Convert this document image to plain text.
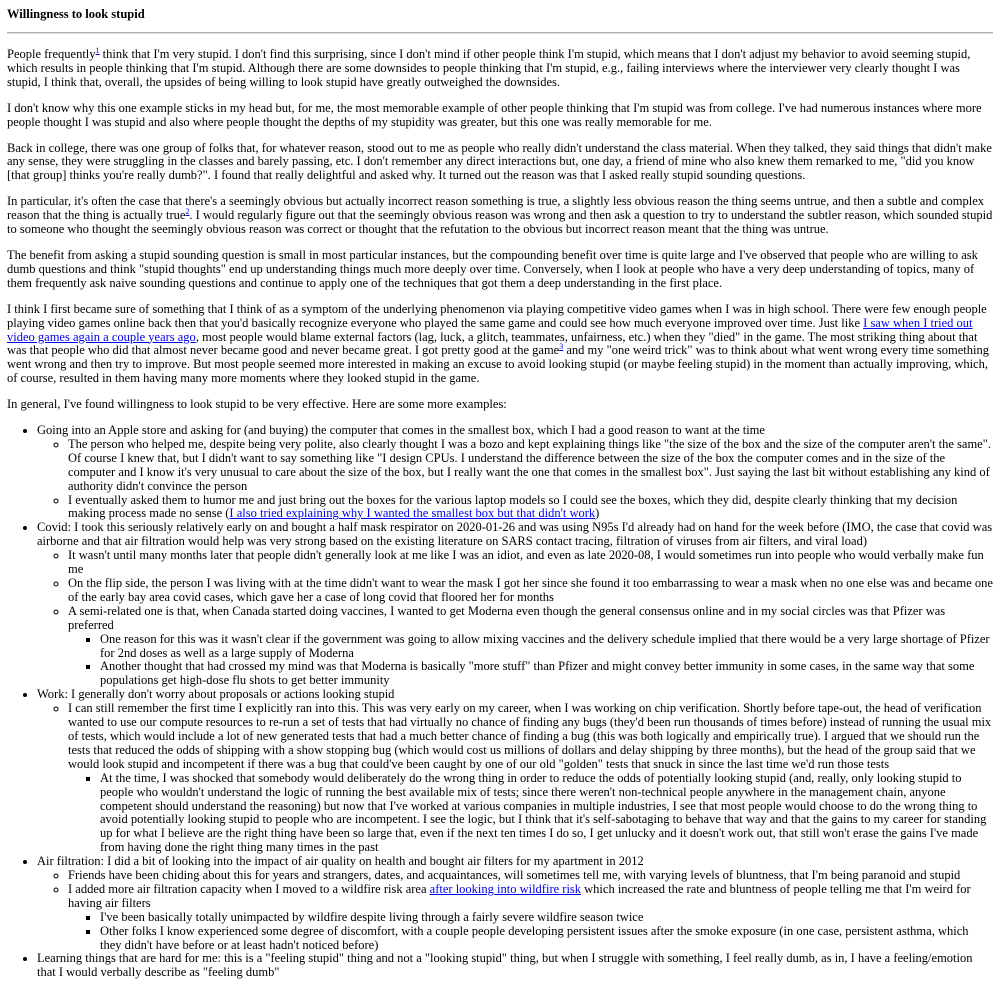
Willingness to look stupid

People frequently$^1$ think that I'm very stupid. I don't find this surprising, since I don't mind if other people think I'm stupid, which means that I don't adjust my behavior to avoid seeming stupid, which results in people thinking that I'm stupid. Although there are some downsides to people thinking that I'm stupid, e.g., failing interviews where the interviewer very clearly thought I was stupid, I think that, overall, the upsides of being willing to look stupid have greatly outweighed the downsides.

I don't know why this one example sticks in my head but, for me, the most memorable example of other people thinking that I'm stupid was from college. I've had numerous instances where more people thought I was stupid and also where people thought the depths of my stupidity was greater, but this one was really memorable for me.

Back in college, there was one group of folks that, for whatever reason, stood out to me as people who really didn't understand the class material. When they talked, they said things that didn't make any sense, they were struggling in the classes and barely passing, etc. I don't remember any direct interactions but, one day, a friend of mine who also knew them remarked to me, "did you know [that group] thinks you're really dumb?". I found that really delightful and asked why. It turned out the reason was that I asked really stupid sounding questions.

In particular, it's often the case that there's a seemingly obvious but actually incorrect reason something is true, a slightly less obvious reason the thing seems untrue, and then a subtle and complex reason that the thing is actually true$^2$. I would regularly figure out that the seemingly obvious reason was wrong and then ask a question to try to understand the subtler reason, which sounded stupid to someone who thought the seemingly obvious reason was correct or thought that the refutation to the obvious but incorrect reason meant that the thing was untrue.

The benefit from asking a stupid sounding question is small in most particular instances, but the compounding benefit over time is quite large and I've observed that people who are willing to ask dumb questions and think "stupid thoughts" end up understanding things much more deeply over time. Conversely, when I look at people who have a very deep understanding of topics, many of them frequently ask naive sounding questions and continue to apply one of the techniques that got them a deep understanding in the first place.

I think I first became sure of something that I think of as a symptom of the underlying phenomenon via playing competitive video games when I was in high school. There were few enough people playing video games online back then that you'd basically recognize everyone who played the same game and could see how much everyone improved over time. Just like I saw when I tried out video games again a couple years ago, most people would blame external factors (lag, luck, a glitch, teammates, unfairness, etc.) when they "died" in the game. The most striking thing about that was that people who did that almost never became good and never became great. I got pretty good at the game$^3$ and my "one weird trick" was to think about what went wrong every time something went wrong and then try to improve. But most people seemed more interested in making an excuse to avoid looking stupid (or maybe feeling stupid) in the moment than actually improving, which, of course, resulted in them having many more moments where they looked stupid in the game.

In general, I've found willingness to look stupid to be very effective. Here are some more examples:

• Going into an Apple store and asking for (and buying) the computer that comes in the smallest box, which I had a good reason to want at the time
◦ The person who helped me, despite being very polite, also clearly thought I was a bozo and kept explaining things like "the size of the box and the size of the computer aren't the same". Of course I knew that, but I didn't want to say something like "I design CPUs. I understand the difference between the size of the box the computer comes and in the size of the computer and I know it's very unusual to care about the size of the box, but I really want the one that comes in the smallest box". Just saying the last bit without establishing any kind of authority didn't convince the person
◦ I eventually asked them to humor me and just bring out the boxes for the various laptop models so I could see the boxes, which they did, despite clearly thinking that my decision making process made no sense (I also tried explaining why I wanted the smallest box but that didn't work)
• Covid: I took this seriously relatively early on and bought a half mask respirator on 2020-01-26 and was using N95s I'd already had on hand for the week before (IMO, the case that covid was airborne and that air filtration would help was very strong based on the existing literature on SARS contact tracing, filtration of viruses from air filters, and viral load)
◦ It wasn't until many months later that people didn't generally look at me like I was an idiot, and even as late 2020-08, I would sometimes run into people who would verbally make fun me
◦ On the flip side, the person I was living with at the time didn't want to wear the mask I got her since she found it too embarrassing to wear a mask when no one else was and became one of the early bay area covid cases, which gave her a case of long covid that floored her for months
◦ A semi-related one is that, when Canada started doing vaccines, I wanted to get Moderna even though the general consensus online and in my social circles was that Pfizer was preferred
▪ One reason for this was it wasn't clear if the government was going to allow mixing vaccines and the delivery schedule implied that there would be a very large shortage of Pfizer for 2nd doses as well as a large supply of Moderna
▪ Another thought that had crossed my mind was that Moderna is basically "more stuff" than Pfizer and might convey better immunity in some cases, in the same way that some populations get high-dose flu shots to get better immunity
• Work: I generally don't worry about proposals or actions looking stupid
◦ I can still remember the first time I explicitly ran into this. This was very early on my career, when I was working on chip verification. Shortly before tape-out, the head of verification wanted to use our compute resources to re-run a set of tests that had virtually no chance of finding any bugs (they'd been run thousands of times before) instead of running the usual mix of tests, which would include a lot of new generated tests that had a much better chance of finding a bug (this was both logically and empirically true). I argued that we should run the tests that reduced the odds of shipping with a show stopping bug (which would cost us millions of dollars and delay shipping by three months), but the head of the group said that we would look stupid and incompetent if there was a bug that could've been caught by one of our old "golden" tests that snuck in since the last time we'd run those tests
▪ At the time, I was shocked that somebody would deliberately do the wrong thing in order to reduce the odds of potentially looking stupid (and, really, only looking stupid to people who wouldn't understand the logic of running the best available mix of tests; since there weren't non-technical people anywhere in the management chain, anyone competent should understand the reasoning) but now that I've worked at various companies in multiple industries, I see that most people would choose to do the wrong thing to avoid potentially looking stupid to people who are incompetent. I see the logic, but I think that it's self-sabotaging to behave that way and that the gains to my career for standing up for what I believe are the right thing have been so large that, even if the next ten times I do so, I get unlucky and it doesn't work out, that still won't erase the gains I've made from having done the right thing many times in the past
• Air filtration: I did a bit of looking into the impact of air quality on health and bought air filters for my apartment in 2012
◦ Friends have been chiding about this for years and strangers, dates, and acquaintances, will sometimes tell me, with varying levels of bluntness, that I'm being paranoid and stupid
◦ I added more air filtration capacity when I moved to a wildfire risk area after looking into wildfire risk which increased the rate and bluntness of people telling me that I'm weird for having air filters
▪ I've been basically totally unimpacted by wildfire despite living through a fairly severe wildfire season twice
▪ Other folks I know experienced some degree of discomfort, with a couple people developing persistent issues after the smoke exposure (in one case, persistent asthma, which they didn't have before or at least hadn't noticed before)
• Learning things that are hard for me: this is a "feeling stupid" thing and not a "looking stupid" thing, but when I struggle with something, I feel really dumb, as in, I have a feeling/emotion that I would verbally describe as "feeling dumb"
